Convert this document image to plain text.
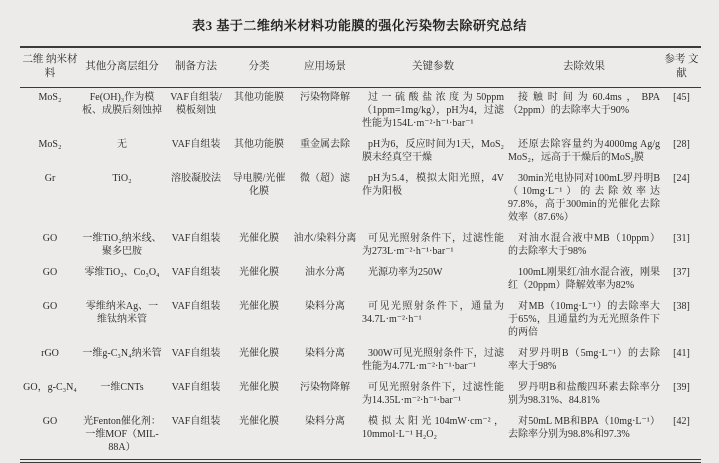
表3 基于二维纳米材料功能膜的强化污染物去除研究总结
二维 纳米材料	其他分离层组分	制备方法	分类	应用场景	关键参数	去除效果	参考 文献
MoS₂	Fe(OH)₃作为模板、成膜后刻蚀掉	VAF自组装/模板刻蚀	其他功能膜	污染物降解	过一硫酸盐浓度为50ppm（1ppm=1mg/kg），pH为4，过滤性能为154L·m⁻²·h⁻¹·bar⁻¹	接触时间为60.4ms，BPA（2ppm）的去除率大于90%	[45]
MoS₂	无	VAF自组装	其他功能膜	重金属去除	pH为6，反应时间为1天，MoS₂膜未经真空干燥	还原去除容量约为4000mg Ag/g MoS₂，远高于干燥后的MoS₂膜	[28]
Gr	TiO₂	溶胶凝胶法	导电膜/光催化膜	微（超）滤	pH为5.4，模拟太阳光照，4V作为阳极	30min光电协同对100mL罗丹明B（10mg·L⁻¹）的去除效率达97.8%，高于300min的光催化去除效率（87.6%）	[24]
GO	一维TiO₂纳米线、聚多巴胺	VAF自组装	光催化膜	油水/染料分离	可见光照射条件下，过滤性能为273L·m⁻²·h⁻¹·bar⁻¹	对油水混合液中MB（10ppm）的去除率大于98%	[31]
GO	零维TiO₂、Co₃O₄	VAF自组装	光催化膜	油水分离	光源功率为250W	100mL刚果红/油水混合液，刚果红（20ppm）降解效率为82%	[37]
GO	零维纳米Ag、一维钛纳米管	VAF自组装	光催化膜	染料分离	可见光照射条件下，通量为34.7L·m⁻²·h⁻¹	对MB（10mg·L⁻¹）的去除率大于65%，且通量约为无光照条件下的两倍	[38]
rGO	一维g-C₃N₄纳米管	VAF自组装	光催化膜	染料分离	300W可见光照射条件下，过滤性能为4.77L·m⁻²·h⁻¹·bar⁻¹	对罗丹明B（5mg·L⁻¹）的去除率大于98%	[41]
GO，g-C₃N₄	一维CNTs	VAF自组装	光催化膜	污染物降解	可见光照射条件下，过滤性能为14.35L·m⁻²·h⁻¹·bar⁻¹	罗丹明B和盐酸四环素去除率分别为98.31%、84.81%	[39]
GO	光Fenton催化剂：一维MOF（MIL-88A）	VAF自组装	光催化膜	染料分离	模拟太阳光104mW·cm⁻²，10mmol·L⁻¹ H₂O₂	对50mL MB和BPA（10mg·L⁻¹）去除率分别为98.8%和97.3%	[42]
